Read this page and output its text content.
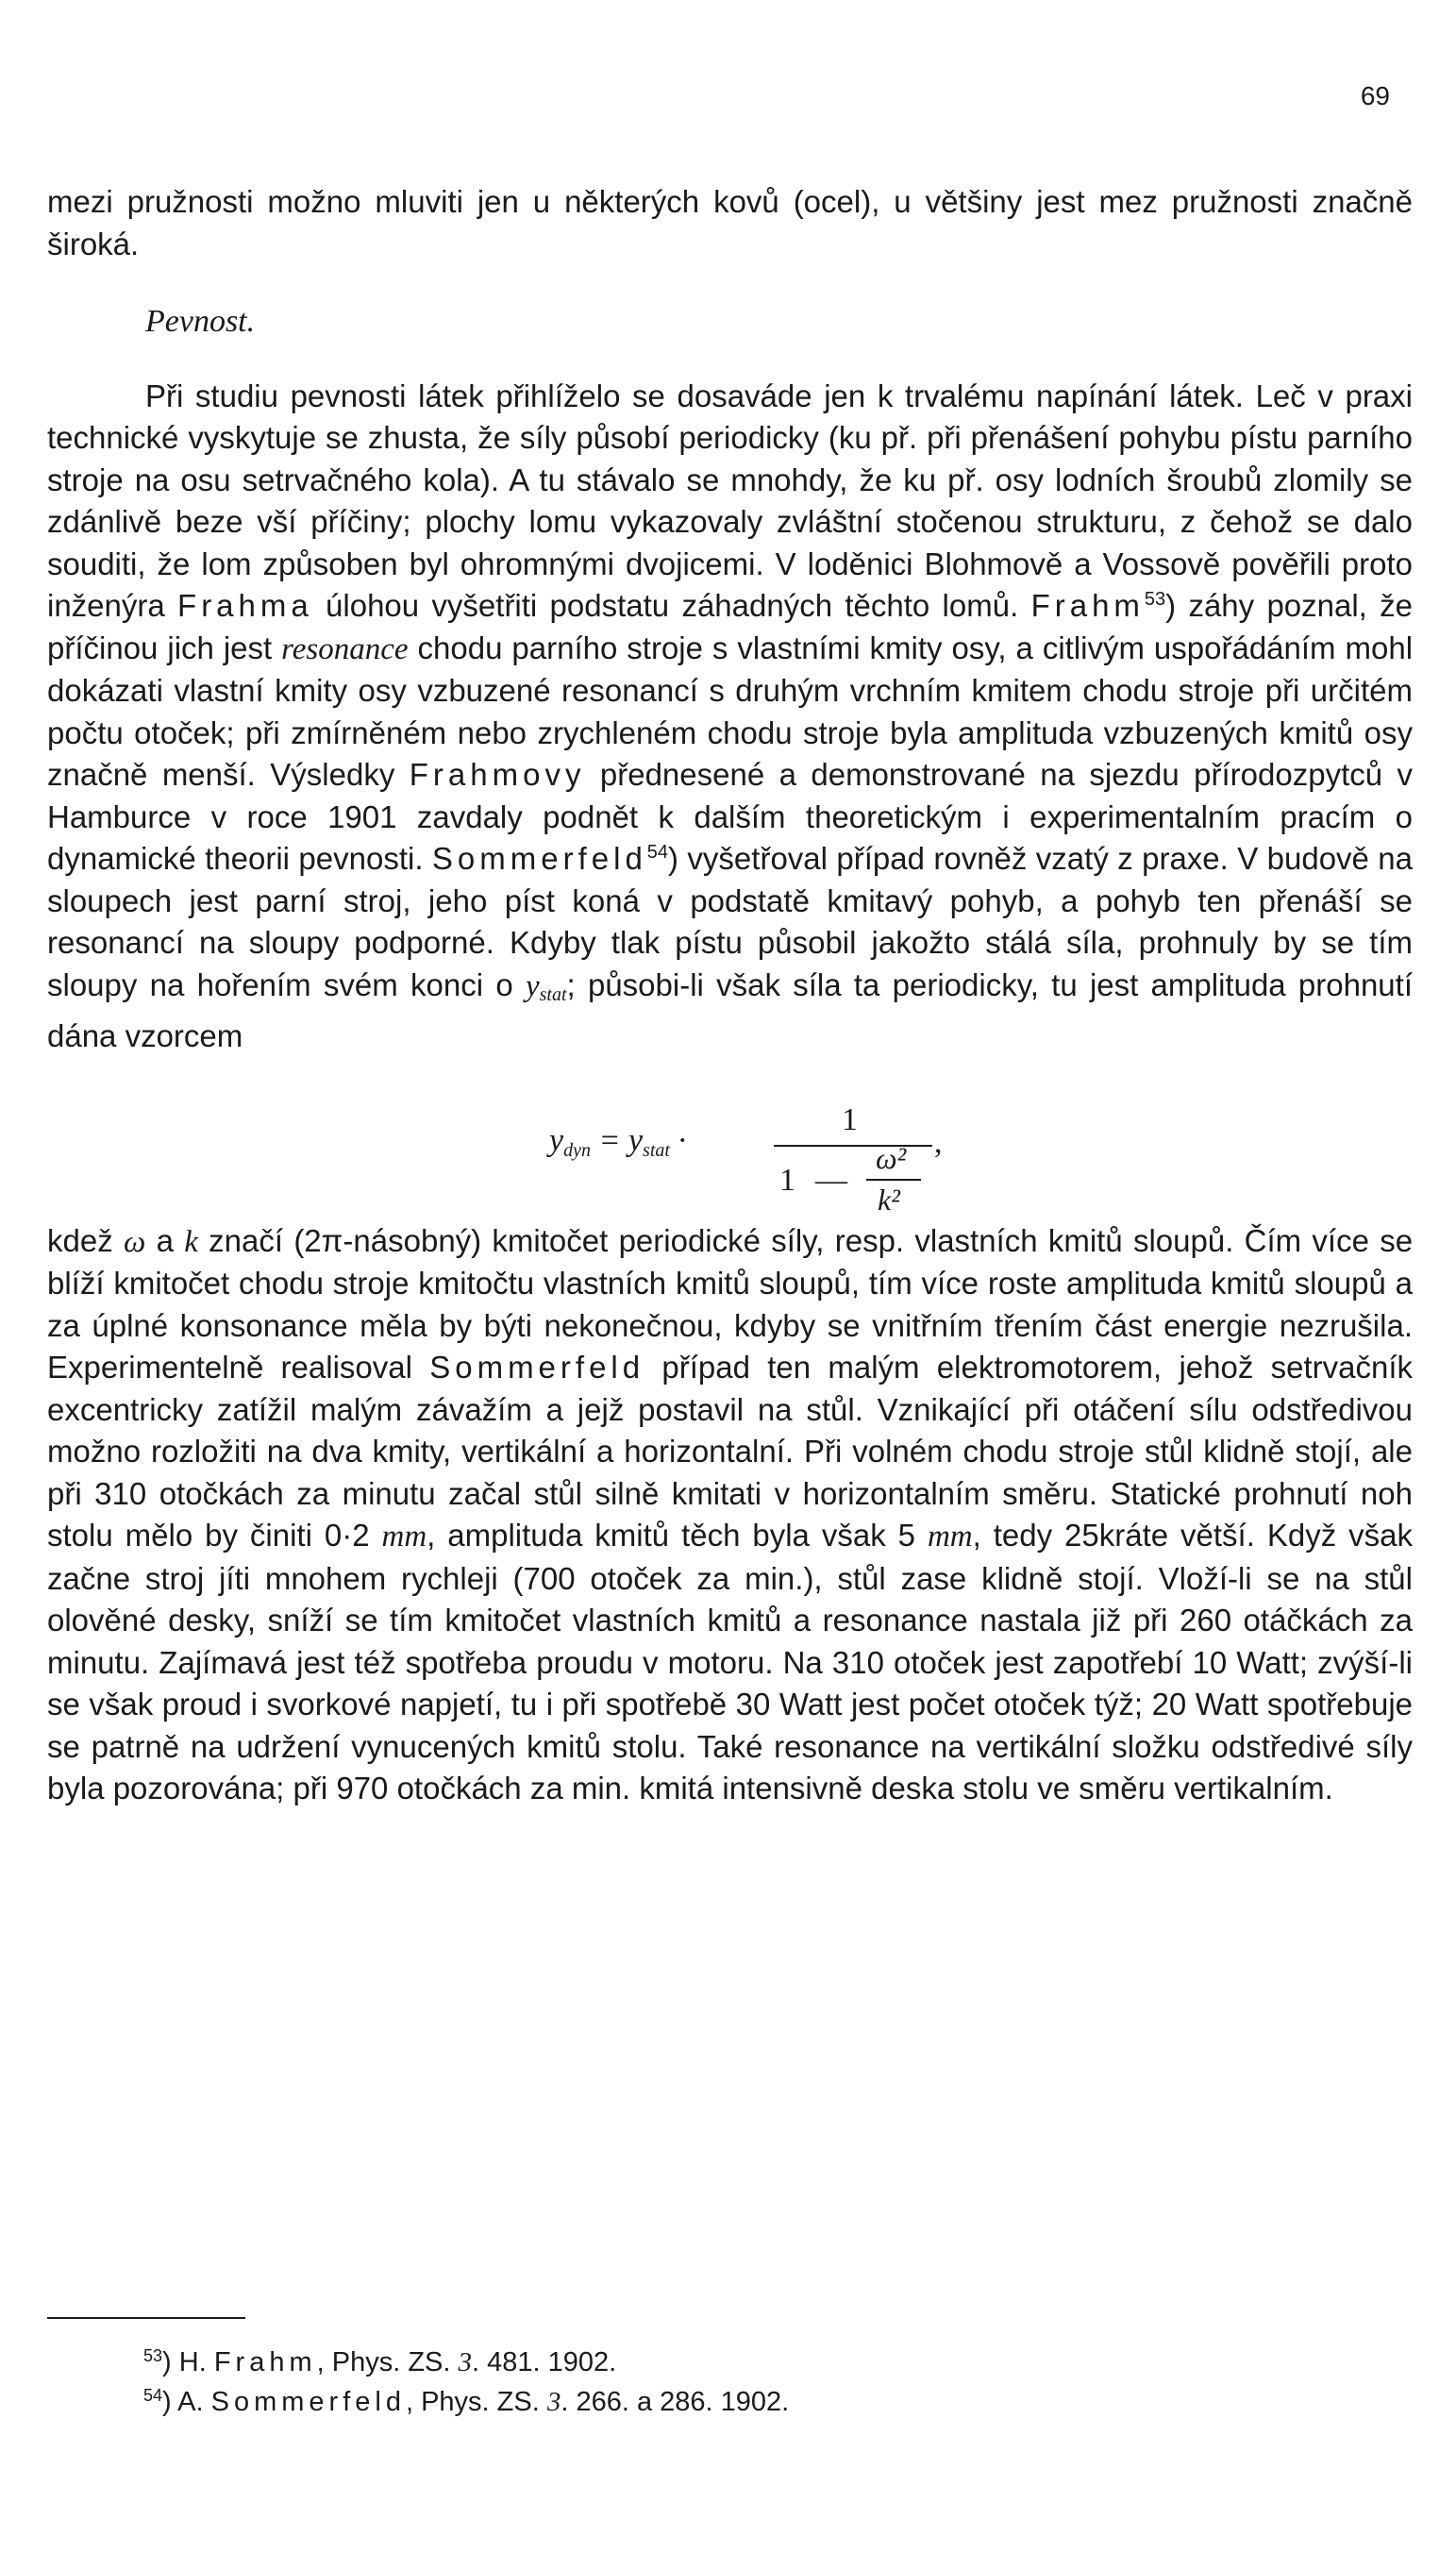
69

mezi pružnosti možno mluviti jen u některých kovů (ocel), u většiny jest mez pružnosti značně široká.

Pevnost.

Při studiu pevnosti látek přihlíželo se dosaváde jen k trvalému napínání látek. Leč v praxi technické vyskytuje se zhusta, že síly působí periodicky (ku př. při přenášení pohybu pístu parního stroje na osu setrvačného kola). A tu stávalo se mnohdy, že ku př. osy lodních šroubů zlomily se zdánlivě beze vší příčiny; plochy lomu vykazovaly zvláštní stočenou strukturu, z čehož se dalo souditi, že lom způsoben byl ohromnými dvojicemi. V loděnici Blohmově a Vossově pověřili proto inženýra Frahma úlohou vyšetřiti podstatu záhadných těchto lomů. Frahm$^{53}$) záhy poznal, že příčinou jich jest resonance chodu parního stroje s vlastními kmity osy, a citlivým uspořádáním mohl dokázati vlastní kmity osy vzbuzené resonancí s druhým vrchním kmitem chodu stroje při určitém počtu otoček; při zmírněném nebo zrychleném chodu stroje byla amplituda vzbuzených kmitů osy značně menší. Výsledky Frahmovy přednesené a demonstrované na sjezdu přírodozpytců v Hamburce v roce 1901 zavdaly podnět k dalším theoretickým i experimentalním pracím o dynamické theorii pevnosti. Sommerfeld$^{54}$) vyšetřoval případ rovněž vzatý z praxe. V budově na sloupech jest parní stroj, jeho píst koná v podstatě kmitavý pohyb, a pohyb ten přenáší se resonancí na sloupy podporné. Kdyby tlak pístu působil jakožto stálá síla, prohnuly by se tím sloupy na hořením svém konci o $y_{stat}$; působi-li však síla ta periodicky, tu jest amplituda prohnutí dána vzorcem

ydyn = ystat ·
1
,
1 —
ω²
k²

kdež ω a k značí (2π-násobný) kmitočet periodické síly, resp. vlastních kmitů sloupů. Čím více se blíží kmitočet chodu stroje kmitočtu vlastních kmitů sloupů, tím více roste amplituda kmitů sloupů a za úplné konsonance měla by býti nekonečnou, kdyby se vnitřním třením část energie nezrušila. Experimentelně realisoval Sommerfeld případ ten malým elektromotorem, jehož setrvačník excentricky zatížil malým závažím a jejž postavil na stůl. Vznikající při otáčení sílu odstředivou možno rozložiti na dva kmity, vertikální a horizontalní. Při volném chodu stroje stůl klidně stojí, ale při 310 otočkách za minutu začal stůl silně kmitati v horizontalním směru. Statické prohnutí noh stolu mělo by činiti 0·2 mm, amplituda kmitů těch byla však 5 mm, tedy 25kráte větší. Když však začne stroj jíti mnohem rychleji (700 otoček za min.), stůl zase klidně stojí. Vloží-li se na stůl olověné desky, sníží se tím kmitočet vlastních kmitů a resonance nastala již při 260 otáčkách za minutu. Zajímavá jest též spotřeba proudu v motoru. Na 310 otoček jest zapotřebí 10 Watt; zvýší-li se však proud i svorkové napjetí, tu i při spotřebě 30 Watt jest počet otoček týž; 20 Watt spotřebuje se patrně na udržení vynucených kmitů stolu. Také resonance na vertikální složku odstředivé síly byla pozorována; při 970 otočkách za min. kmitá intensivně deska stolu ve směru vertikalním.

$^{53}$) H. Frahm, Phys. ZS. 3. 481. 1902.
$^{54}$) A. Sommerfeld, Phys. ZS. 3. 266. a 286. 1902.
